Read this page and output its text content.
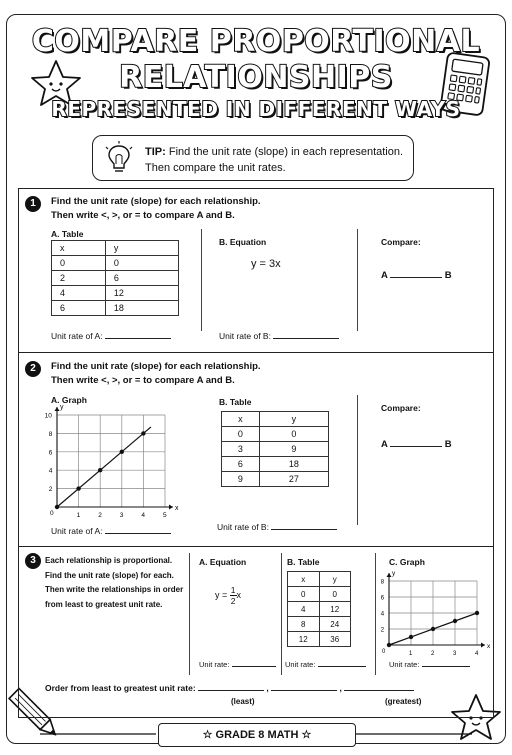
COMPARE PROPORTIONAL
RELATIONSHIPS
REPRESENTED IN DIFFERENT WAYS
TIP: Find the unit rate (slope) in each representation.
Then compare the unit rates.
1	Find the unit rate (slope) for each relationship.
Then write <, >, or = to compare A and B.
A. Table
x	y
0	0
2	6
4	12
6	18
B. Equation
y = 3x
Compare:
A	B
Unit rate of A:	Unit rate of B:
2	Find the unit rate (slope) for each relationship.
Then write <, >, or = to compare A and B.
A. Graph
x
y
0	1	2	3	4	5
2
4
6
8
10
B. Table
x	y
0	0
3	9
6	18
9	27
Compare:
A	B
Unit rate of A:	Unit rate of B:
3	Each relationship is proportional.
Find the unit rate (slope) for each.
Then write the relationships in order
from least to greatest unit rate.
A. Equation
$y = \frac{1}{2}$ x
B. Table
x	y
0	0
4	12
8	24
12	36
C. Graph
x
y
0	1	2	3	4
2
4
6
8
Unit rate:	Unit rate:	Unit rate:
Order from least to greatest unit rate:	,	,
(least)	(greatest)
☆ GRADE 8 MATH ☆
